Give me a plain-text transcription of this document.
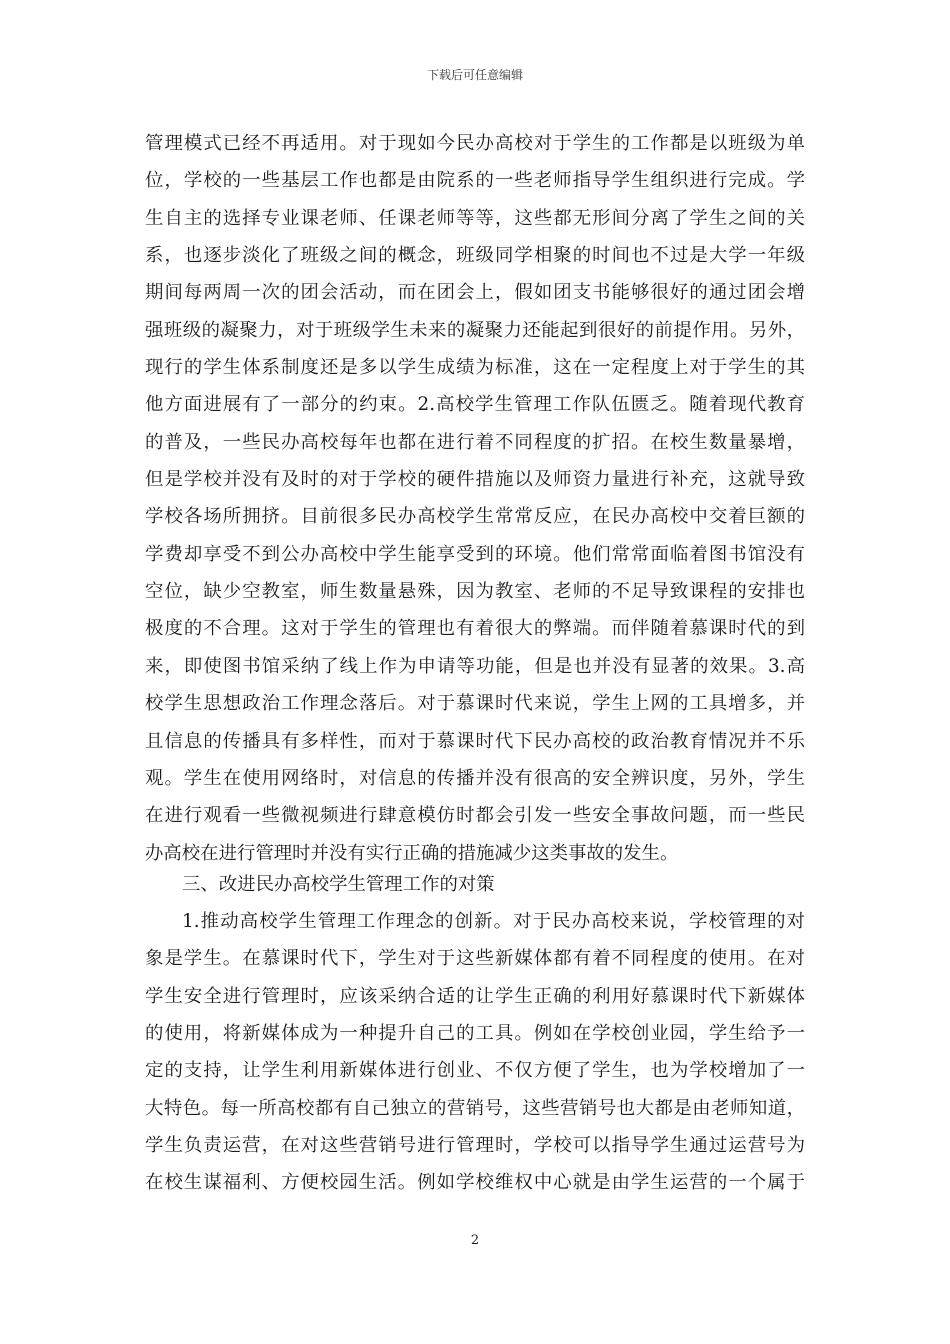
下载后可任意编辑
管理模式已经不再适用。对于现如今民办高校对于学生的工作都是以班级为单
位，学校的一些基层工作也都是由院系的一些老师指导学生组织进行完成。学
生自主的选择专业课老师、任课老师等等，这些都无形间分离了学生之间的关
系，也逐步淡化了班级之间的概念，班级同学相聚的时间也不过是大学一年级
期间每两周一次的团会活动，而在团会上，假如团支书能够很好的通过团会增
强班级的凝聚力，对于班级学生未来的凝聚力还能起到很好的前提作用。另外，
现行的学生体系制度还是多以学生成绩为标准，这在一定程度上对于学生的其
他方面进展有了一部分的约束。2.高校学生管理工作队伍匮乏。随着现代教育
的普及，一些民办高校每年也都在进行着不同程度的扩招。在校生数量暴增，
但是学校并没有及时的对于学校的硬件措施以及师资力量进行补充，这就导致
学校各场所拥挤。目前很多民办高校学生常常反应，在民办高校中交着巨额的
学费却享受不到公办高校中学生能享受到的环境。他们常常面临着图书馆没有
空位，缺少空教室，师生数量悬殊，因为教室、老师的不足导致课程的安排也
极度的不合理。这对于学生的管理也有着很大的弊端。而伴随着慕课时代的到
来，即使图书馆采纳了线上作为申请等功能，但是也并没有显著的效果。3.高
校学生思想政治工作理念落后。对于慕课时代来说，学生上网的工具增多，并
且信息的传播具有多样性，而对于慕课时代下民办高校的政治教育情况并不乐
观。学生在使用网络时，对信息的传播并没有很高的安全辨识度，另外，学生
在进行观看一些微视频进行肆意模仿时都会引发一些安全事故问题，而一些民
办高校在进行管理时并没有实行正确的措施减少这类事故的发生。
三、改进民办高校学生管理工作的对策
1.推动高校学生管理工作理念的创新。对于民办高校来说，学校管理的对
象是学生。在慕课时代下，学生对于这些新媒体都有着不同程度的使用。在对
学生安全进行管理时，应该采纳合适的让学生正确的利用好慕课时代下新媒体
的使用，将新媒体成为一种提升自己的工具。例如在学校创业园，学生给予一
定的支持，让学生利用新媒体进行创业、不仅方便了学生，也为学校增加了一
大特色。每一所高校都有自己独立的营销号，这些营销号也大都是由老师知道，
学生负责运营，在对这些营销号进行管理时，学校可以指导学生通过运营号为
在校生谋福利、方便校园生活。例如学校维权中心就是由学生运营的一个属于
2
